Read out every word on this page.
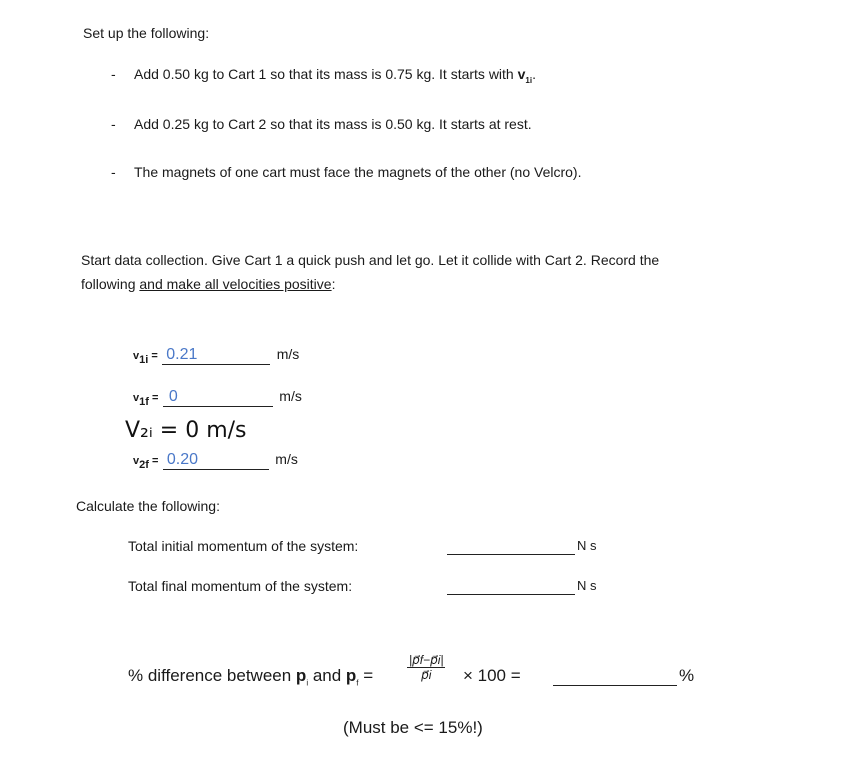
Set up the following:
- Add 0.50 kg to Cart 1 so that its mass is 0.75 kg. It starts with $v_{1i}$.
- Add 0.25 kg to Cart 2 so that its mass is 0.50 kg. It starts at rest.
- The magnets of one cart must face the magnets of the other (no Velcro).
Start data collection. Give Cart 1 a quick push and let go. Let it collide with Cart 2. Record the
following and make all velocities positive:
$v_{1i} = 0.21$	m/s
$v_{1f} = 0$	m/s
V₂ᵢ = 0 m/s
$v_{2f} = 0.20$	m/s
Calculate the following:
Total initial momentum of the system:	N s
Total final momentum of the system:	N s
% difference between $p_i$ and $p_f$ =	$\frac{|p⃗f-p⃗i|}{p⃗i} \times 100$ =	%
(Must be <= 15%!)
